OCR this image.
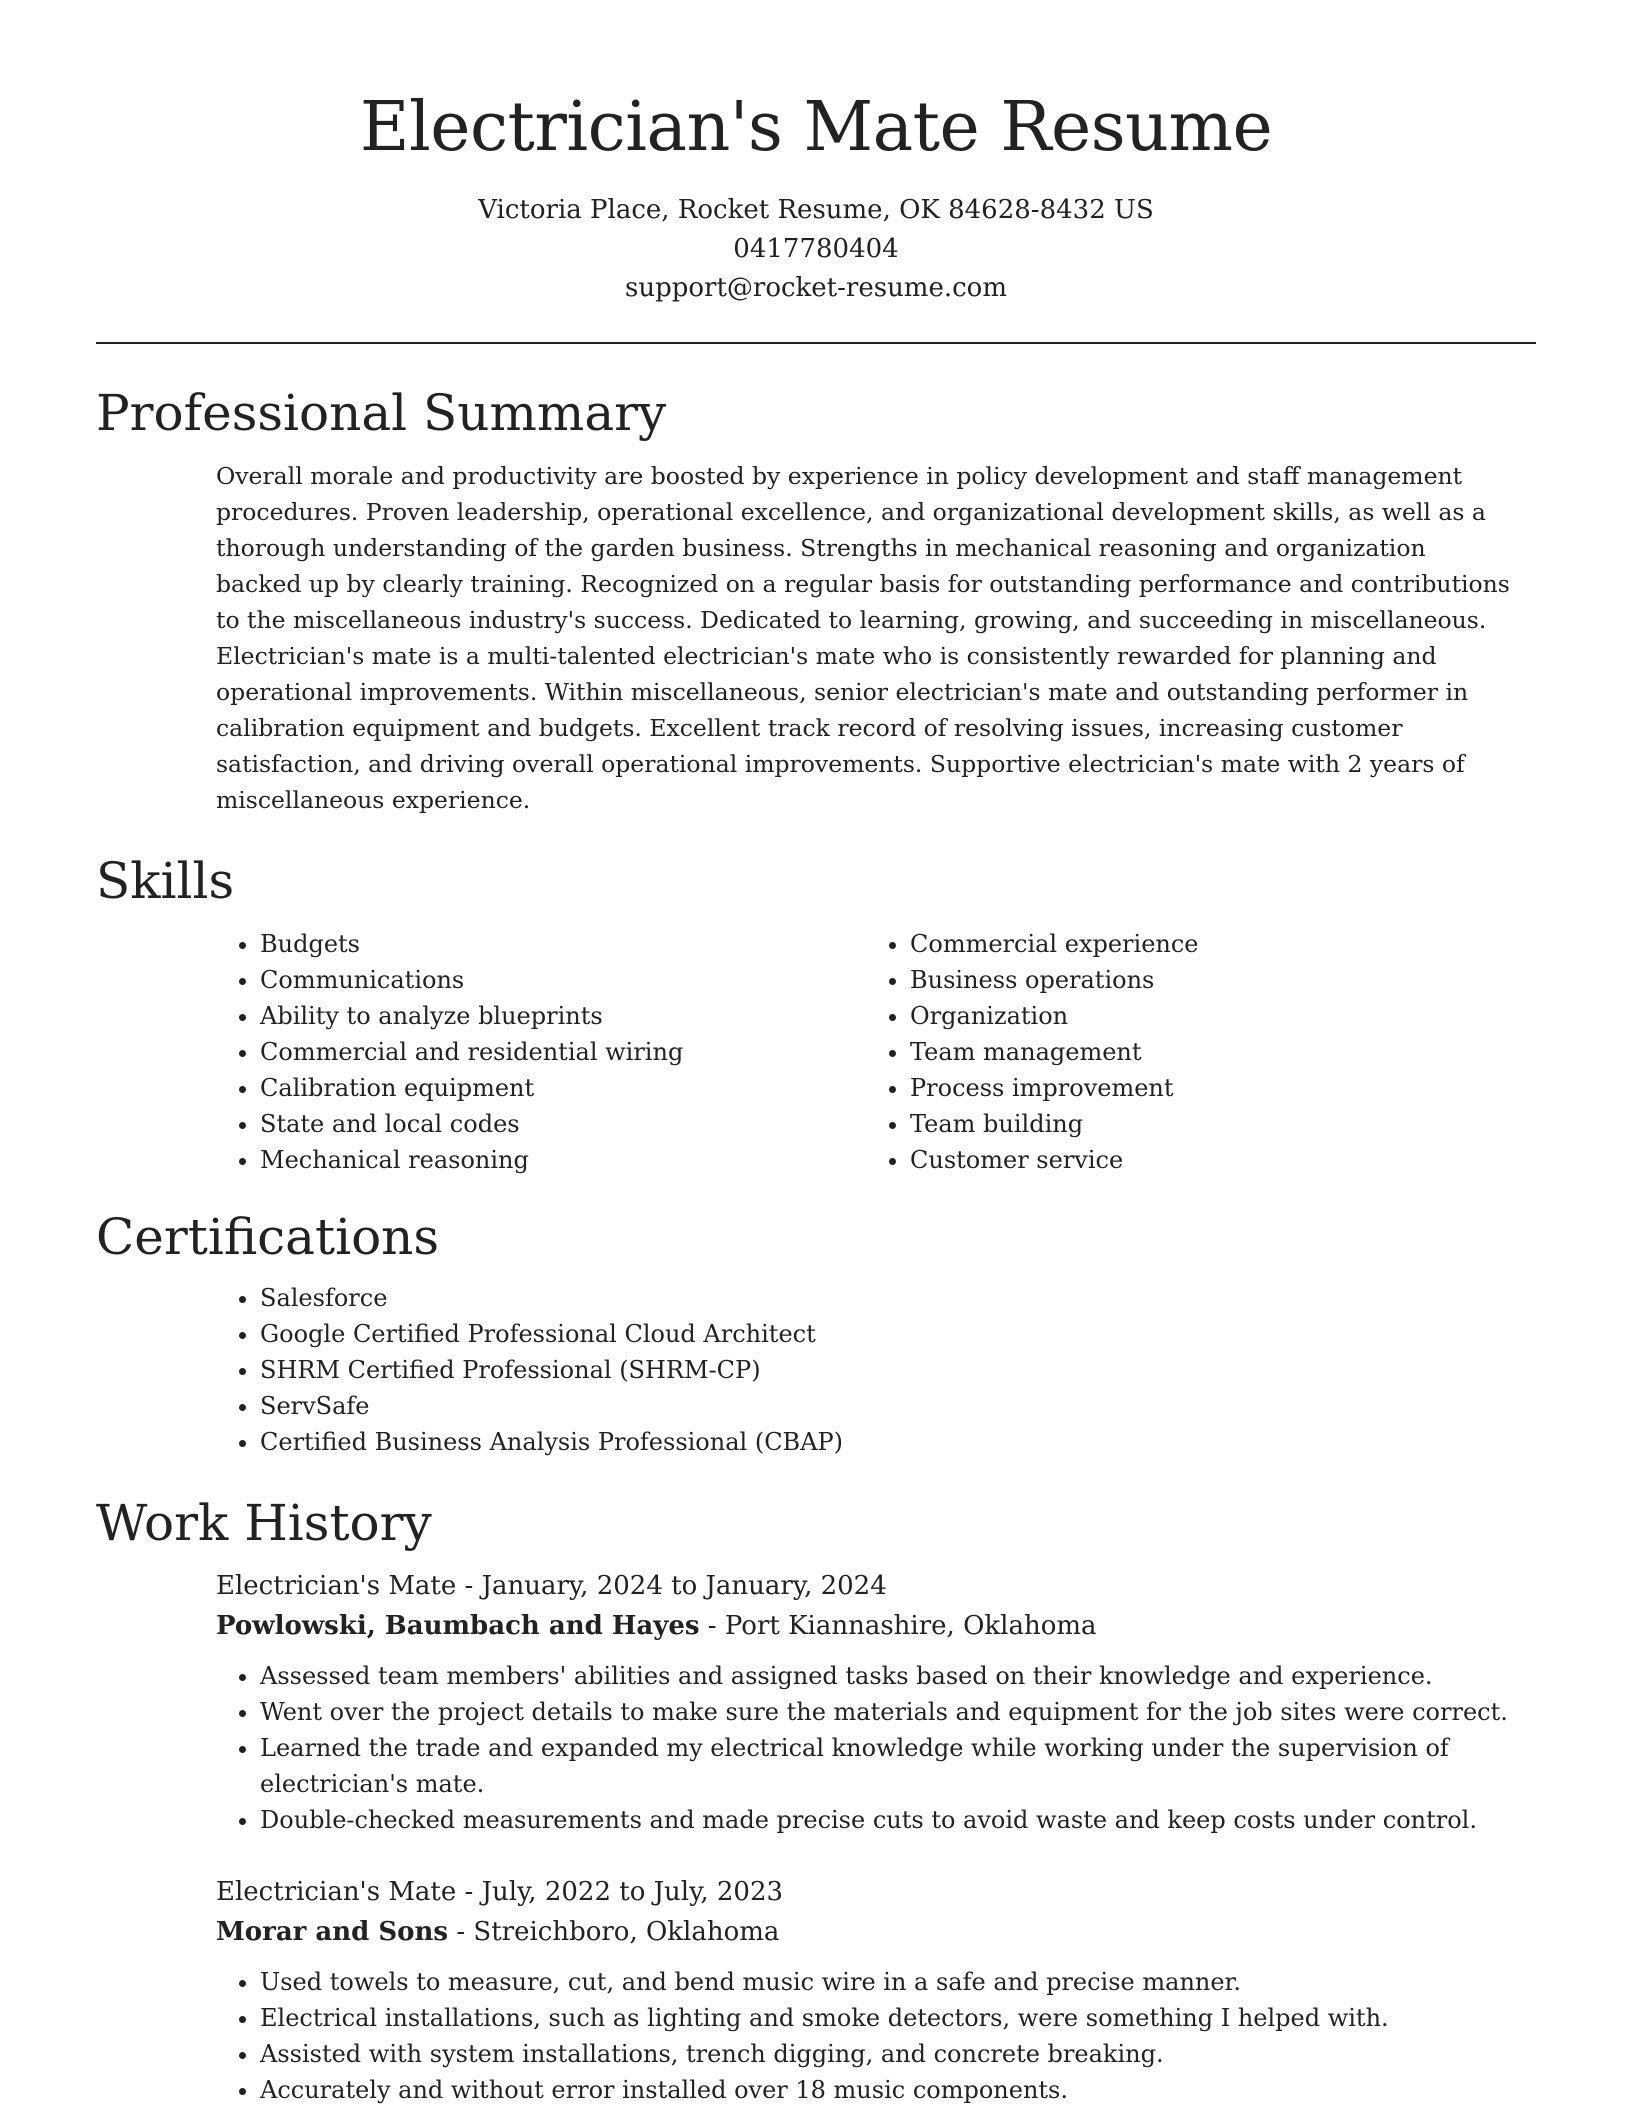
Electrician's Mate Resume
Victoria Place, Rocket Resume, OK 84628-8432 US
0417780404
support@rocket-resume.com
Professional Summary

Overall morale and productivity are boosted by experience in policy development and staff management procedures. Proven leadership, operational excellence, and organizational development skills, as well as a thorough understanding of the garden business. Strengths in mechanical reasoning and organization backed up by clearly training. Recognized on a regular basis for outstanding performance and contributions to the miscellaneous industry's success. Dedicated to learning, growing, and succeeding in miscellaneous. Electrician's mate is a multi-talented electrician's mate who is consistently rewarded for planning and operational improvements. Within miscellaneous, senior electrician's mate and outstanding performer in calibration equipment and budgets. Excellent track record of resolving issues, increasing customer satisfaction, and driving overall operational improvements. Supportive electrician's mate with 2 years of miscellaneous experience.

Skills
• Budgets
• Communications
• Ability to analyze blueprints
• Commercial and residential wiring
• Calibration equipment
• State and local codes
• Mechanical reasoning
• Commercial experience
• Business operations
• Organization
• Team management
• Process improvement
• Team building
• Customer service
Certifications
• Salesforce
• Google Certified Professional Cloud Architect
• SHRM Certified Professional (SHRM-CP)
• ServSafe
• Certified Business Analysis Professional (CBAP)
Work History

Electrician's Mate - January, 2024 to January, 2024

Powlowski, Baumbach and Hayes - Port Kiannashire, Oklahoma

• Assessed team members' abilities and assigned tasks based on their knowledge and experience.
• Went over the project details to make sure the materials and equipment for the job sites were correct.
• Learned the trade and expanded my electrical knowledge while working under the supervision of electrician's mate.
• Double-checked measurements and made precise cuts to avoid waste and keep costs under control.

Electrician's Mate - July, 2022 to July, 2023

Morar and Sons - Streichboro, Oklahoma

• Used towels to measure, cut, and bend music wire in a safe and precise manner.
• Electrical installations, such as lighting and smoke detectors, were something I helped with.
• Assisted with system installations, trench digging, and concrete breaking.
• Accurately and without error installed over 18 music components.
